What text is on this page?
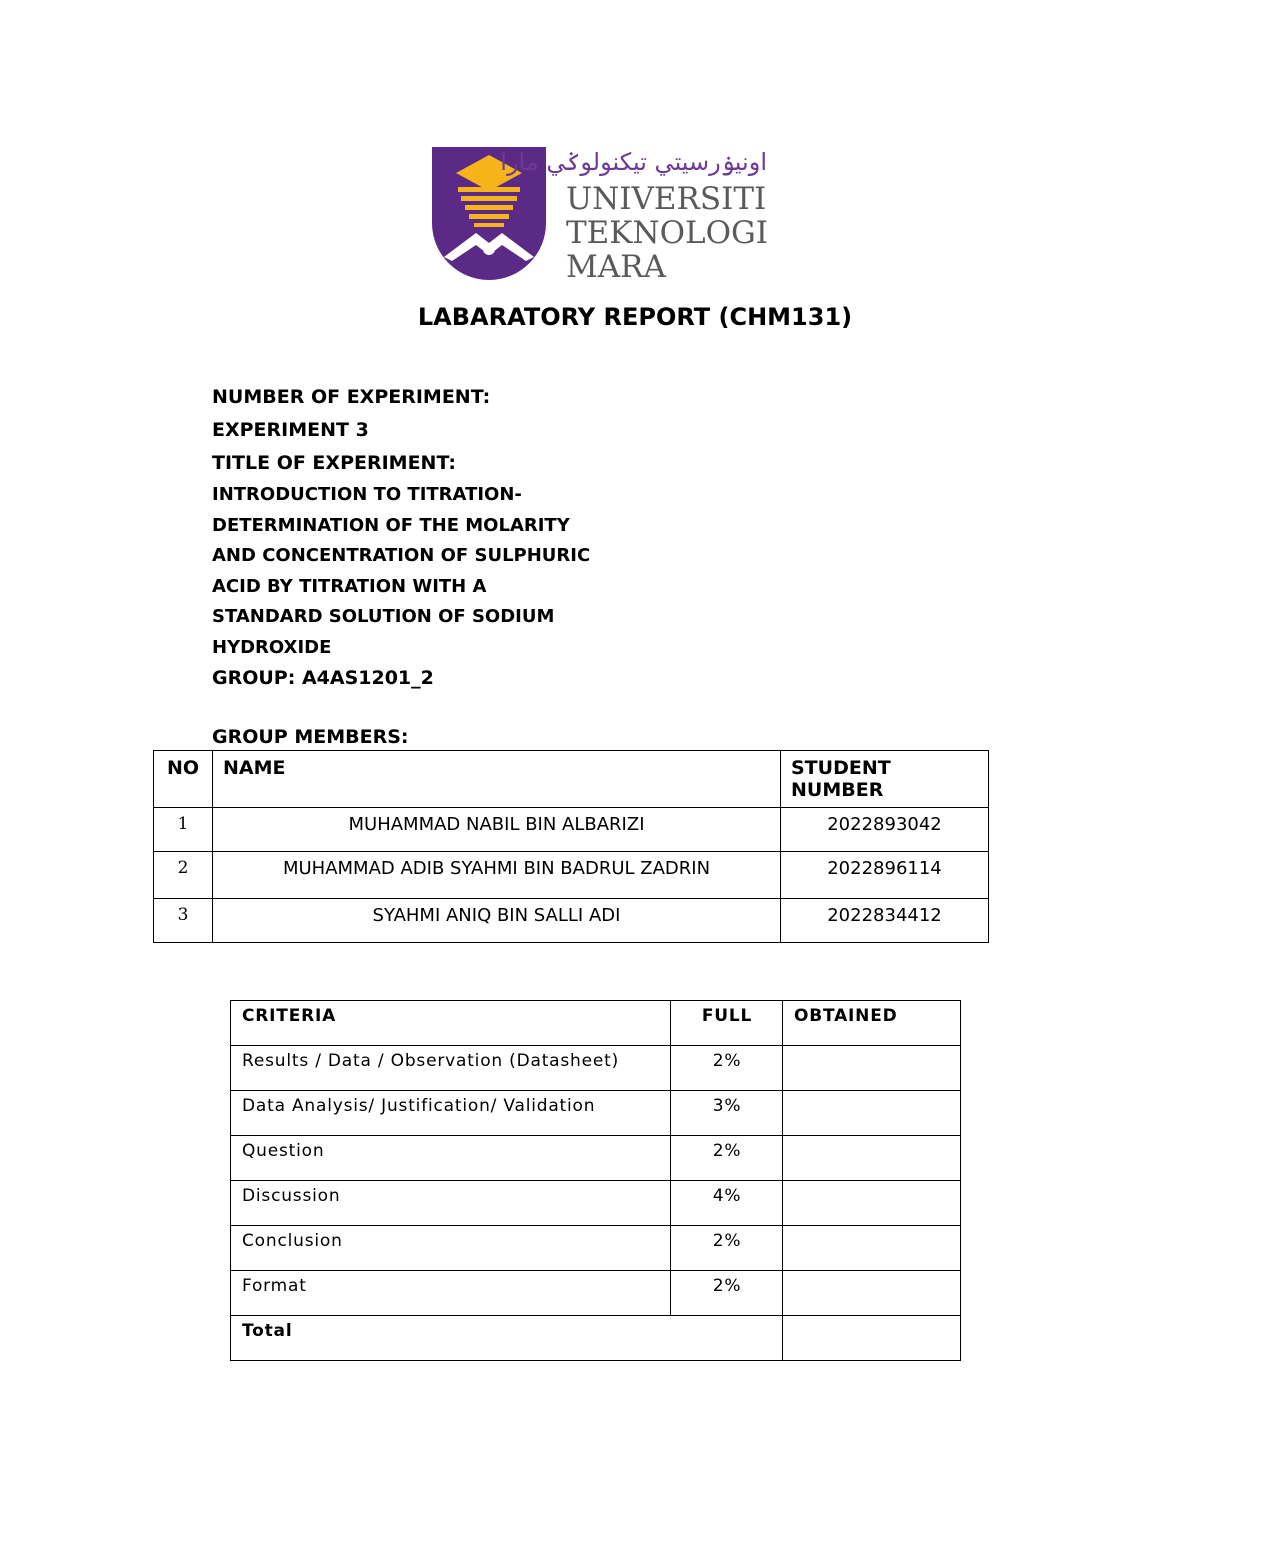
اونيۏرسيتي تيکنولوݢي مارا
UNIVERSITI
TEKNOLOGI
MARA
LABARATORY REPORT (CHM131)
NUMBER OF EXPERIMENT:
EXPERIMENT 3
TITLE OF EXPERIMENT:
INTRODUCTION TO TITRATION-
DETERMINATION OF THE MOLARITY
AND CONCENTRATION OF SULPHURIC
ACID BY TITRATION WITH A
STANDARD SOLUTION OF SODIUM
HYDROXIDE
GROUP: A4AS1201_2
GROUP MEMBERS:
NO	NAME	STUDENT NUMBER
1	MUHAMMAD NABIL BIN ALBARIZI	2022893042
2	MUHAMMAD ADIB SYAHMI BIN BADRUL ZADRIN	2022896114
3	SYAHMI ANIQ BIN SALLI ADI	2022834412
CRITERIA	FULL	OBTAINED
Results / Data / Observation (Datasheet)	2%	
Data Analysis/ Justification/ Validation	3%	
Question	2%	
Discussion	4%	
Conclusion	2%	
Format	2%	
Total		
